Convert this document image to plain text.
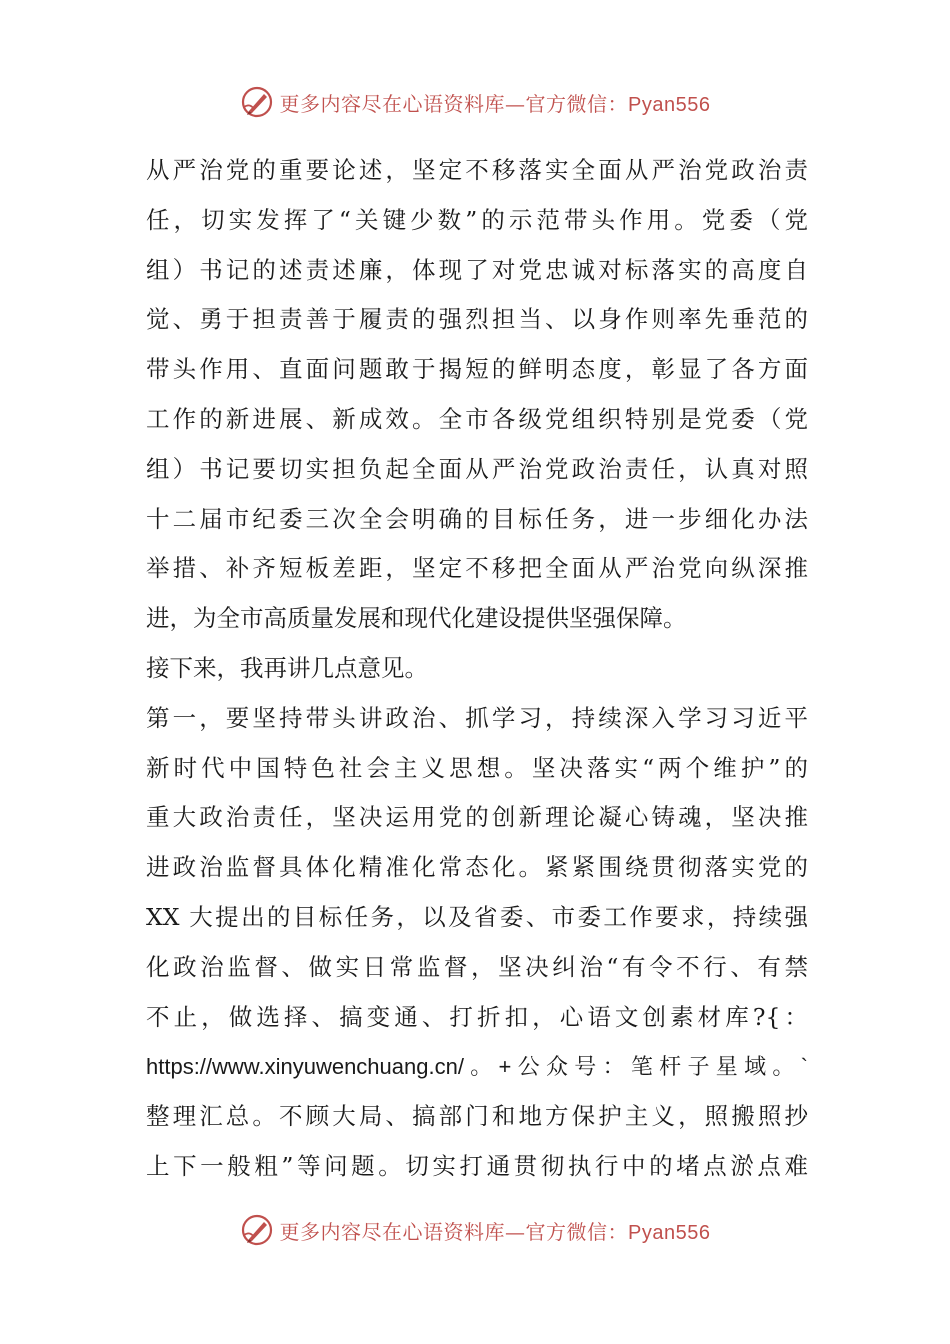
更多内容尽在心语资料库—官方微信：Pyan556
从严治党的重要论述，坚定不移落实全面从严治党政治责
任，切实发挥了“关键少数”的示范带头作用。党委（党
组）书记的述责述廉，体现了对党忠诚对标落实的高度自
觉、勇于担责善于履责的强烈担当、以身作则率先垂范的
带头作用、直面问题敢于揭短的鲜明态度，彰显了各方面
工作的新进展、新成效。全市各级党组织特别是党委（党
组）书记要切实担负起全面从严治党政治责任，认真对照
十二届市纪委三次全会明确的目标任务，进一步细化办法
举措、补齐短板差距，坚定不移把全面从严治党向纵深推
进，为全市高质量发展和现代化建设提供坚强保障。
接下来，我再讲几点意见。
第一，要坚持带头讲政治、抓学习，持续深入学习习近平
新时代中国特色社会主义思想。坚决落实“两个维护”的
重大政治责任，坚决运用党的创新理论凝心铸魂，坚决推
进政治监督具体化精准化常态化。紧紧围绕贯彻落实党的
XX 大提出的目标任务，以及省委、市委工作要求，持续强
化政治监督、做实日常监督，坚决纠治“有令不行、有禁
不止，做选择、搞变通、打折扣，心语文创素材库?{：
https://www.xinyuwenchuang.cn/。+公众号：笔杆子星域。`
整理汇总。不顾大局、搞部门和地方保护主义，照搬照抄
上下一般粗”等问题。切实打通贯彻执行中的堵点淤点难
更多内容尽在心语资料库—官方微信：Pyan556
